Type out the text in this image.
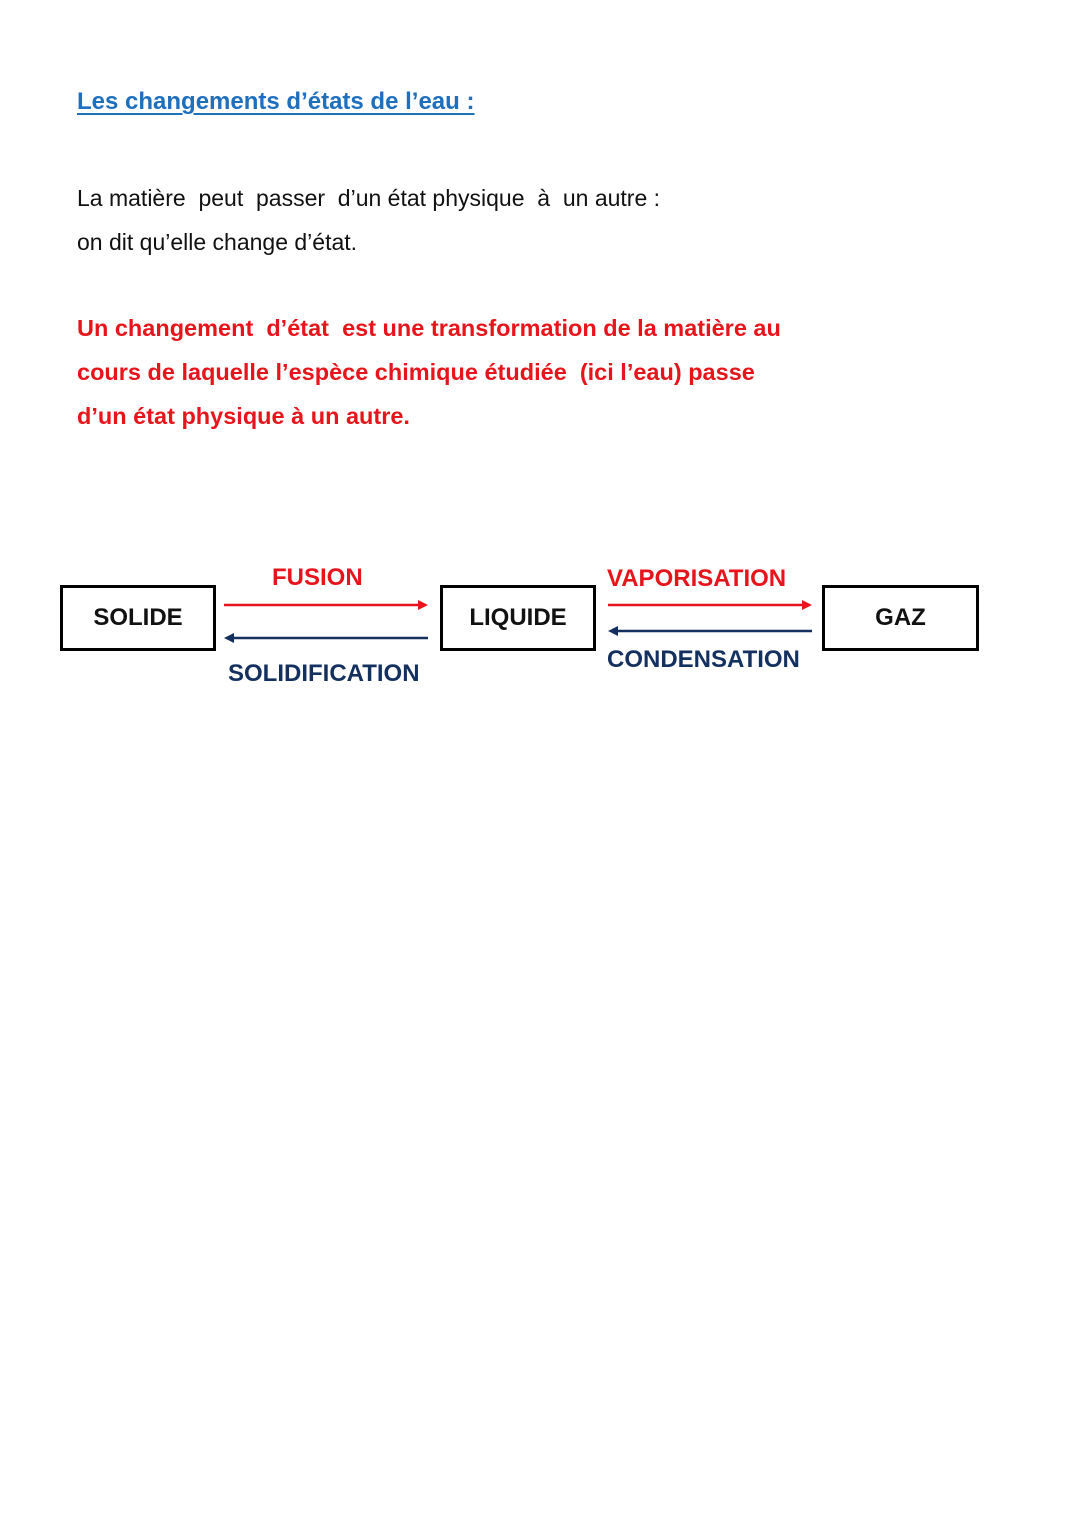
Les changements d’états de l’eau :
La matière  peut  passer  d’un état physique  à  un autre :
on dit qu’elle change d’état.
Un changement  d’état  est une transformation de la matière au
cours de laquelle l’espèce chimique étudiée  (ici l’eau) passe
d’un état physique à un autre.
SOLIDE	LIQUIDE	GAZ
FUSION
SOLIDIFICATION
VAPORISATION
CONDENSATION
